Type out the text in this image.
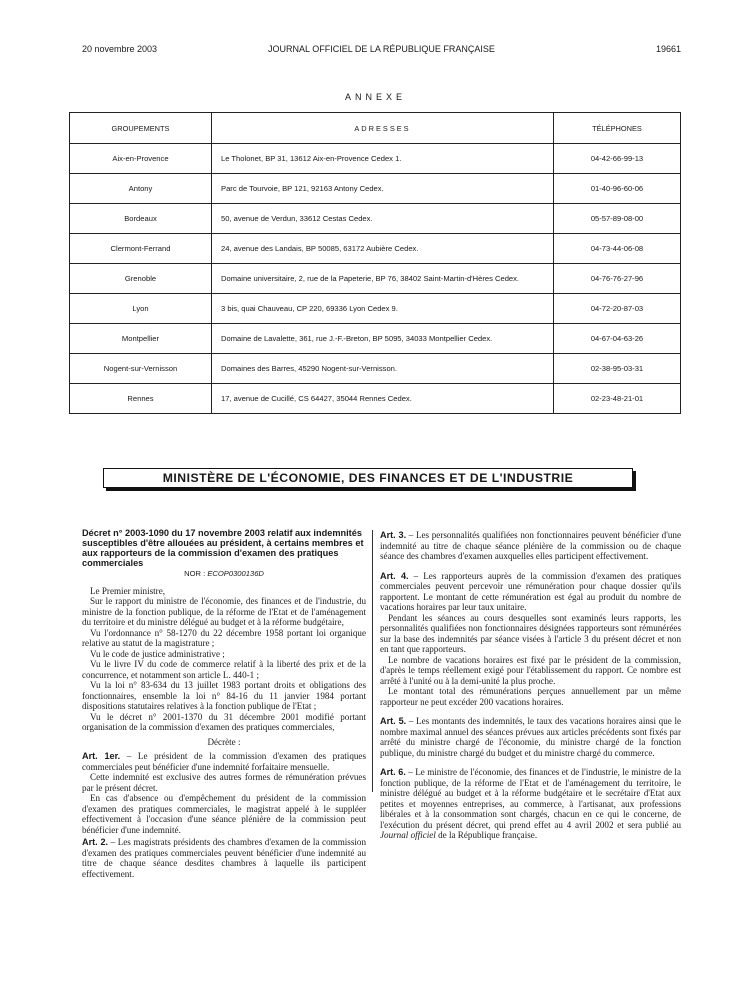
20 novembre 2003	JOURNAL OFFICIEL DE LA RÉPUBLIQUE FRANÇAISE	19661
ANNEXE
GROUPEMENTS	ADRESSES	TÉLÉPHONES
Aix-en-Provence	Le Tholonet, BP 31, 13612 Aix-en-Provence Cedex 1.	04-42-66-99-13
Antony	Parc de Tourvoie, BP 121, 92163 Antony Cedex.	01-40-96-60-06
Bordeaux	50, avenue de Verdun, 33612 Cestas Cedex.	05-57-89-08-00
Clermont-Ferrand	24, avenue des Landais, BP 50085, 63172 Aubière Cedex.	04-73-44-06-08
Grenoble	Domaine universitaire, 2, rue de la Papeterie, BP 76, 38402 Saint-Martin-d'Hères Cedex.	04-76-76-27-96
Lyon	3 bis, quai Chauveau, CP 220, 69336 Lyon Cedex 9.	04-72-20-87-03
Montpellier	Domaine de Lavalette, 361, rue J.-F.-Breton, BP 5095, 34033 Montpellier Cedex.	04-67-04-63-26
Nogent-sur-Vernisson	Domaines des Barres, 45290 Nogent-sur-Vernisson.	02-38-95-03-31
Rennes	17, avenue de Cucillé, CS 64427, 35044 Rennes Cedex.	02-23-48-21-01
MINISTÈRE DE L'ÉCONOMIE, DES FINANCES ET DE L'INDUSTRIE
Décret n° 2003-1090 du 17 novembre 2003 relatif aux indemnités susceptibles d'être allouées au président, à certains membres et aux rapporteurs de la commission d'examen des pratiques commerciales
NOR : ECOP0300136D

Le Premier ministre,

Sur le rapport du ministre de l'économie, des finances et de l'industrie, du ministre de la fonction publique, de la réforme de l'Etat et de l'aménagement du territoire et du ministre délégué au budget et à la réforme budgétaire,

Vu l'ordonnance n° 58-1270 du 22 décembre 1958 portant loi organique relative au statut de la magistrature ;

Vu le code de justice administrative ;

Vu le livre IV du code de commerce relatif à la liberté des prix et de la concurrence, et notamment son article L. 440-1 ;

Vu la loi n° 83-634 du 13 juillet 1983 portant droits et obligations des fonctionnaires, ensemble la loi n° 84-16 du 11 janvier 1984 portant dispositions statutaires relatives à la fonction publique de l'Etat ;

Vu le décret n° 2001-1370 du 31 décembre 2001 modifié portant organisation de la commission d'examen des pratiques commerciales,

Décrète :

Art. 1er. – Le président de la commission d'examen des pratiques commerciales peut bénéficier d'une indemnité forfaitaire mensuelle.

Cette indemnité est exclusive des autres formes de rémunération prévues par le présent décret.

En cas d'absence ou d'empêchement du président de la commission d'examen des pratiques commerciales, le magistrat appelé à le suppléer effectivement à l'occasion d'une séance plénière de la commission peut bénéficier d'une indemnité.

Art. 2. – Les magistrats présidents des chambres d'examen de la commission d'examen des pratiques commerciales peuvent bénéficier d'une indemnité au titre de chaque séance desdites chambres à laquelle ils participent effectivement.

Art. 3. – Les personnalités qualifiées non fonctionnaires peuvent bénéficier d'une indemnité au titre de chaque séance plénière de la commission ou de chaque séance des chambres d'examen auxquelles elles participent effectivement.

Art. 4. – Les rapporteurs auprès de la commission d'examen des pratiques commerciales peuvent percevoir une rémunération pour chaque dossier qu'ils rapportent. Le montant de cette rémunération est égal au produit du nombre de vacations horaires par leur taux unitaire.

Pendant les séances au cours desquelles sont examinés leurs rapports, les personnalités qualifiées non fonctionnaires désignées rapporteurs sont rémunérées sur la base des indemnités par séance visées à l'article 3 du présent décret et non en tant que rapporteurs.

Le nombre de vacations horaires est fixé par le président de la commission, d'après le temps réellement exigé pour l'établissement du rapport. Ce nombre est arrêté à l'unité ou à la demi-unité la plus proche.

Le montant total des rémunérations perçues annuellement par un même rapporteur ne peut excéder 200 vacations horaires.

Art. 5. – Les montants des indemnités, le taux des vacations horaires ainsi que le nombre maximal annuel des séances prévues aux articles précédents sont fixés par arrêté du ministre chargé de l'économie, du ministre chargé de la fonction publique, du ministre chargé du budget et du ministre chargé du commerce.

Art. 6. – Le ministre de l'économie, des finances et de l'industrie, le ministre de la fonction publique, de la réforme de l'Etat et de l'aménagement du territoire, le ministre délégué au budget et à la réforme budgétaire et le secrétaire d'Etat aux petites et moyennes entreprises, au commerce, à l'artisanat, aux professions libérales et à la consommation sont chargés, chacun en ce qui le concerne, de l'exécution du présent décret, qui prend effet au 4 avril 2002 et sera publié au Journal officiel de la République française.
